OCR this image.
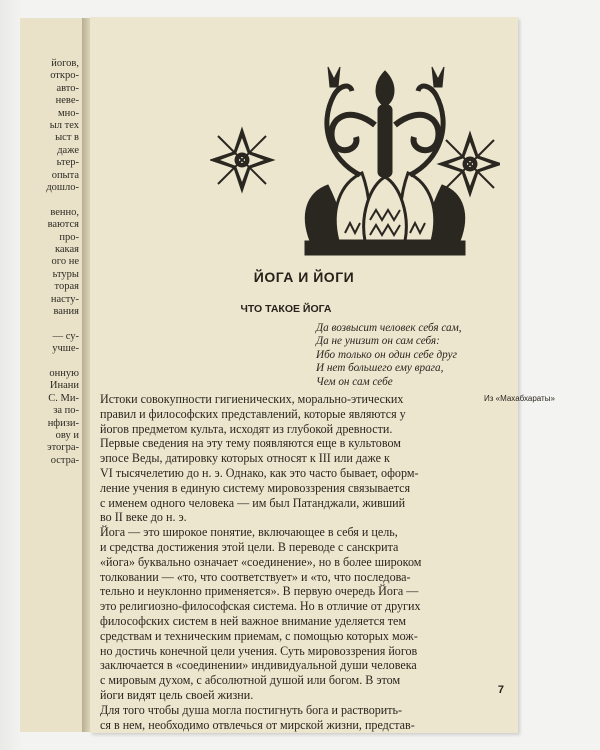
йогов,
откро-
авто-
неве-
мно-
ыл тех
ыст в
даже
ьтер-
опыта
дошло-
венно,
ваются
про-
какая
ого не
ьтуры
торая
насту-
вания
— су-
учше-
онную
Инани
С. Ми-
за по-
нфизи-
ову и
этогра-
остра-
ЙОГА И ЙОГИ
ЧТО ТАКОЕ ЙОГА
Да возвысит человек себя сам,
Да не унизит он сам себя:
Ибо только он один себе друг
И нет большего ему врага,
Чем он сам себе
Из «Махабхараты»
Истоки совокупности гигиенических, морально-этических
правил и философских представлений, которые являются у
йогов предметом культа, исходят из глубокой древности.
Первые сведения на эту тему появляются еще в культовом
эпосе Веды, датировку которых относят к III или даже к
VI тысячелетию до н. э. Однако, как это часто бывает, оформ-
ление учения в единую систему мировоззрения связывается
с именем одного человека — им был Патанджали, живший
во II веке до н. э.
Йога — это широкое понятие, включающее в себя и цель,
и средства достижения этой цели. В переводе с санскрита
«йога» буквально означает «соединение», но в более широком
толковании — «то, что соответствует» и «то, что последова-
тельно и неуклонно применяется». В первую очередь Йога —
это религиозно-философская система. Но в отличие от других
философских систем в ней важное внимание уделяется тем
средствам и техническим приемам, с помощью которых мож-
но достичь конечной цели учения. Суть мировоззрения йогов
заключается в «соединении» индивидуальной души человека
с мировым духом, с абсолютной душой или богом. В этом
йоги видят цель своей жизни.
Для того чтобы душа могла постигнуть бога и растворить-
ся в нем, необходимо отвлечься от мирской жизни, представ-
7
